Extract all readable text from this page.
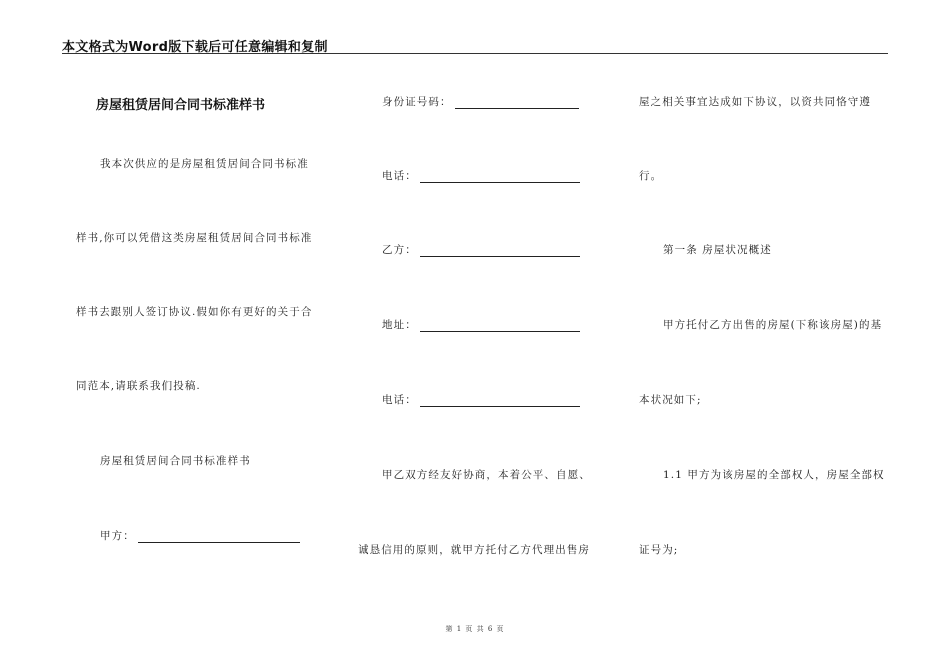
本文格式为Word版下载后可任意编辑和复制
房屋租赁居间合同书标准样书
我本次供应的是房屋租赁居间合同书标准
样书,你可以凭借这类房屋租赁居间合同书标准
样书去跟别人签订协议.假如你有更好的关于合
同范本,请联系我们投稿.
房屋租赁居间合同书标准样书
甲方：
身份证号码：
电话：
乙方：
地址：
电话：
甲乙双方经友好协商，本着公平、自愿、
诚恳信用的原则，就甲方托付乙方代理出售房
屋之相关事宜达成如下协议，以资共同恪守遵
行。
第一条 房屋状况概述
甲方托付乙方出售的房屋(下称该房屋)的基
本状况如下;
1.1 甲方为该房屋的全部权人，房屋全部权
证号为;
第 1 页 共 6 页
